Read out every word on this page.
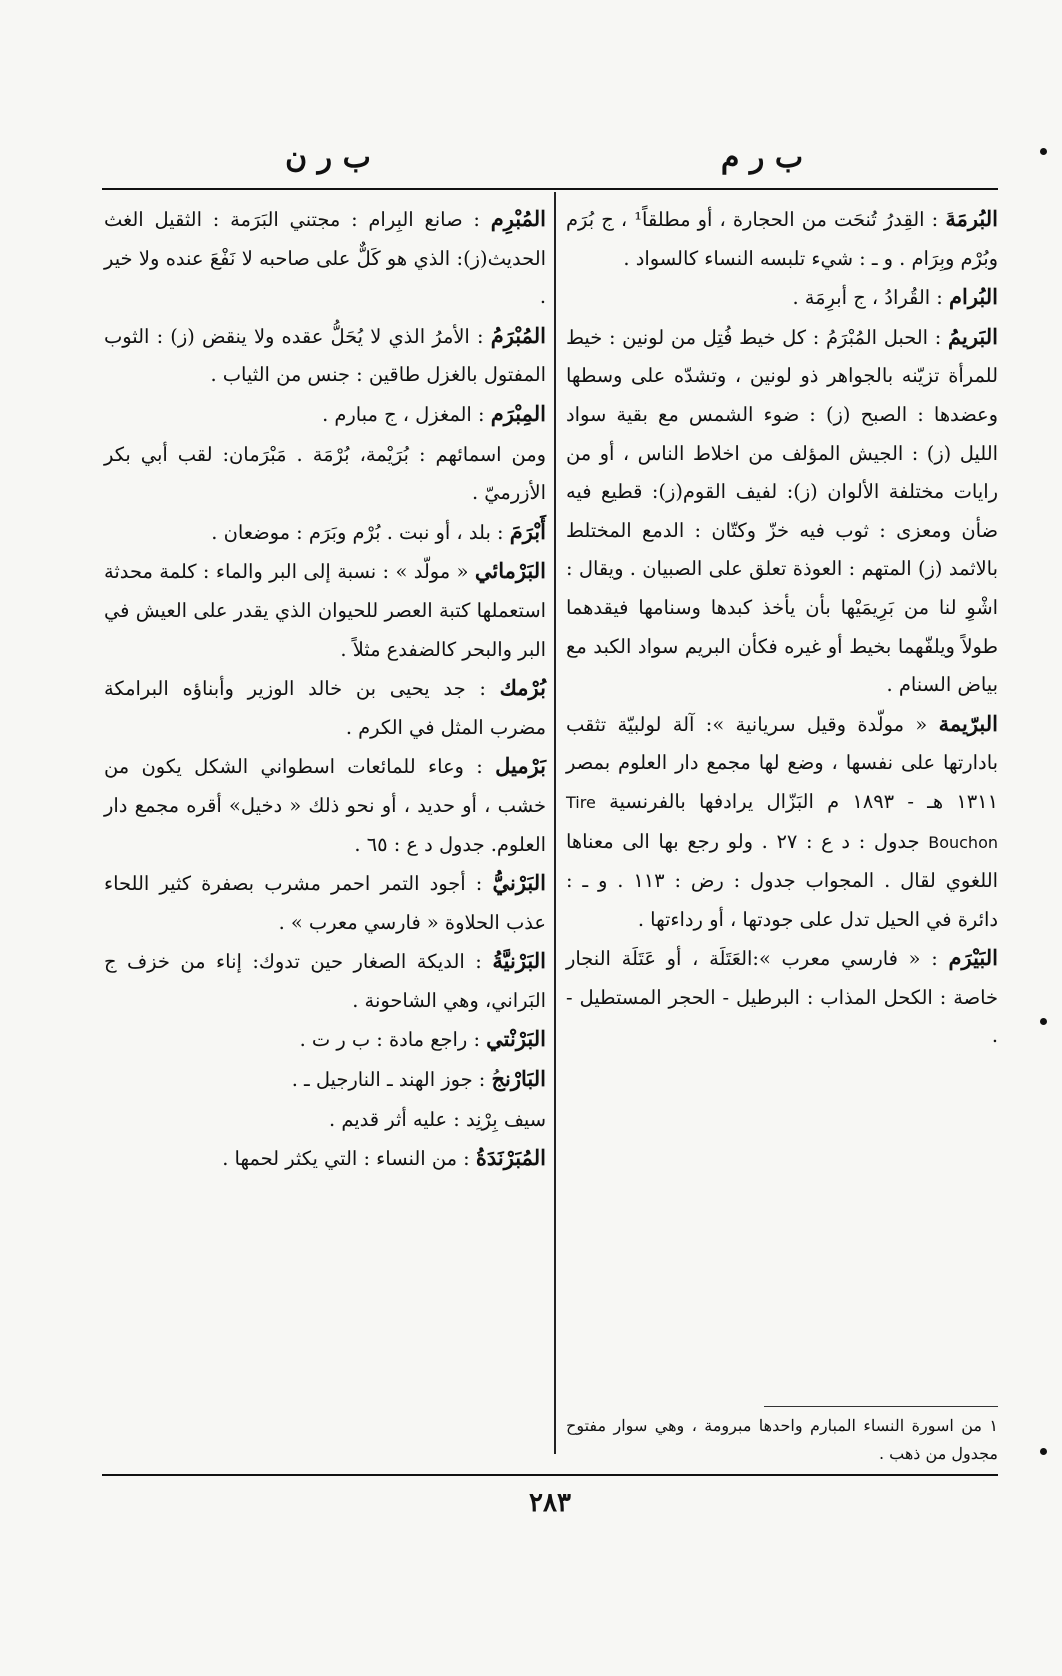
ب ر م
ب ر ن

البُرمَةَ : القِدرُ تُنحَت من الحجارة ، أو مطلقاً¹ ، ج بُرَم وبُرْم وبِرَام . و ـ : شيء تلبسه النساء كالسواد .

البُرام : القُرادُ ، ج أبرِمَة .

البَريمُ : الحبل المُبْرَمُ : كل خيط فُتِل من لونين : خيط للمرأة تزيّنه بالجواهر ذو لونين ، وتشدّه على وسطها وعضدها : الصبح (ز) : ضوء الشمس مع بقية سواد الليل (ز) : الجيش المؤلف من اخلاط الناس ، أو من رايات مختلفة الألوان (ز): لفيف القوم(ز): قطيع فيه ضأن ومعزى : ثوب فيه خزّ وكتّان : الدمع المختلط بالاثمد (ز) المتهم : العوذة تعلق على الصبيان . ويقال : اشْوِ لنا من بَرِيمَيْها بأن يأخذ كبدها وسنامها فيقدهما طولاً ويلفّهما بخيط أو غيره فكأن البريم سواد الكبد مع بياض السنام .

البرّيمة « مولّدة وقيل سريانية »: آلة لولبيّة تثقب بادارتها على نفسها ، وضع لها مجمع دار العلوم بمصر ١٣١١ هـ - ١٨٩٣ م البَزّال يرادفها بالفرنسية Tire Bouchon جدول : د ع : ٢٧ . ولو رجع بها الى معناها اللغوي لقال . المجواب جدول : رض : ١١٣ . و ـ : دائرة في الحيل تدل على جودتها ، أو رداءتها .

البَيْرَم : « فارسي معرب »:العَتَلَة ، أو عَتَلَة النجار خاصة : الكحل المذاب : البرطيل - الحجر المستطيل - .

١ من اسورة النساء المبارم واحدها مبرومة ، وهي سوار مفتوح مجدول من ذهب .

المُبْرِم : صانع البِرام : مجتني البَرَمة : الثقيل الغث الحديث(ز): الذي هو كَلٌّ على صاحبه لا نَفْعَ عنده ولا خير .

المُبْرَمُ : الأمرُ الذي لا يُحَلُّ عقده ولا ينقض (ز) : الثوب المفتول بالغزل طاقين : جنس من الثياب .

المِبْرَم : المغزل ، ج مبارم .

ومن اسمائهم : بُرَيْمة، بُرْمَة . مَبْرَمان: لقب أبي بكر الأزرميّ .

أَبْرَمَ : بلد ، أو نبت . بُرْم وبَرَم : موضعان .

البَرْمائي « مولّد » : نسبة إلى البر والماء : كلمة محدثة استعملها كتبة العصر للحيوان الذي يقدر على العيش في البر والبحر كالضفدع مثلاً .

بُرْمك : جد يحيى بن خالد الوزير وأبناؤه البرامكة مضرب المثل في الكرم .

بَرْميل : وعاء للمائعات اسطواني الشكل يكون من خشب ، أو حديد ، أو نحو ذلك « دخيل» أقره مجمع دار العلوم. جدول د ع : ٦٥ .

البَرْنيُّ : أجود التمر احمر مشرب بصفرة كثير اللحاء عذب الحلاوة « فارسي معرب » .

البَرْنيَّةُ : الديكة الصغار حين تدوك: إناء من خزف ج البَراني، وهي الشاحونة .

البَرْنْتي : راجع مادة : ب ر ت .

البَارْنجُ : جوز الهند ـ النارجيل ـ .

سيف بِرْنِد : عليه أثر قديم .

المُبَرْنَدَةُ : من النساء : التي يكثر لحمها .

٢٨٣
